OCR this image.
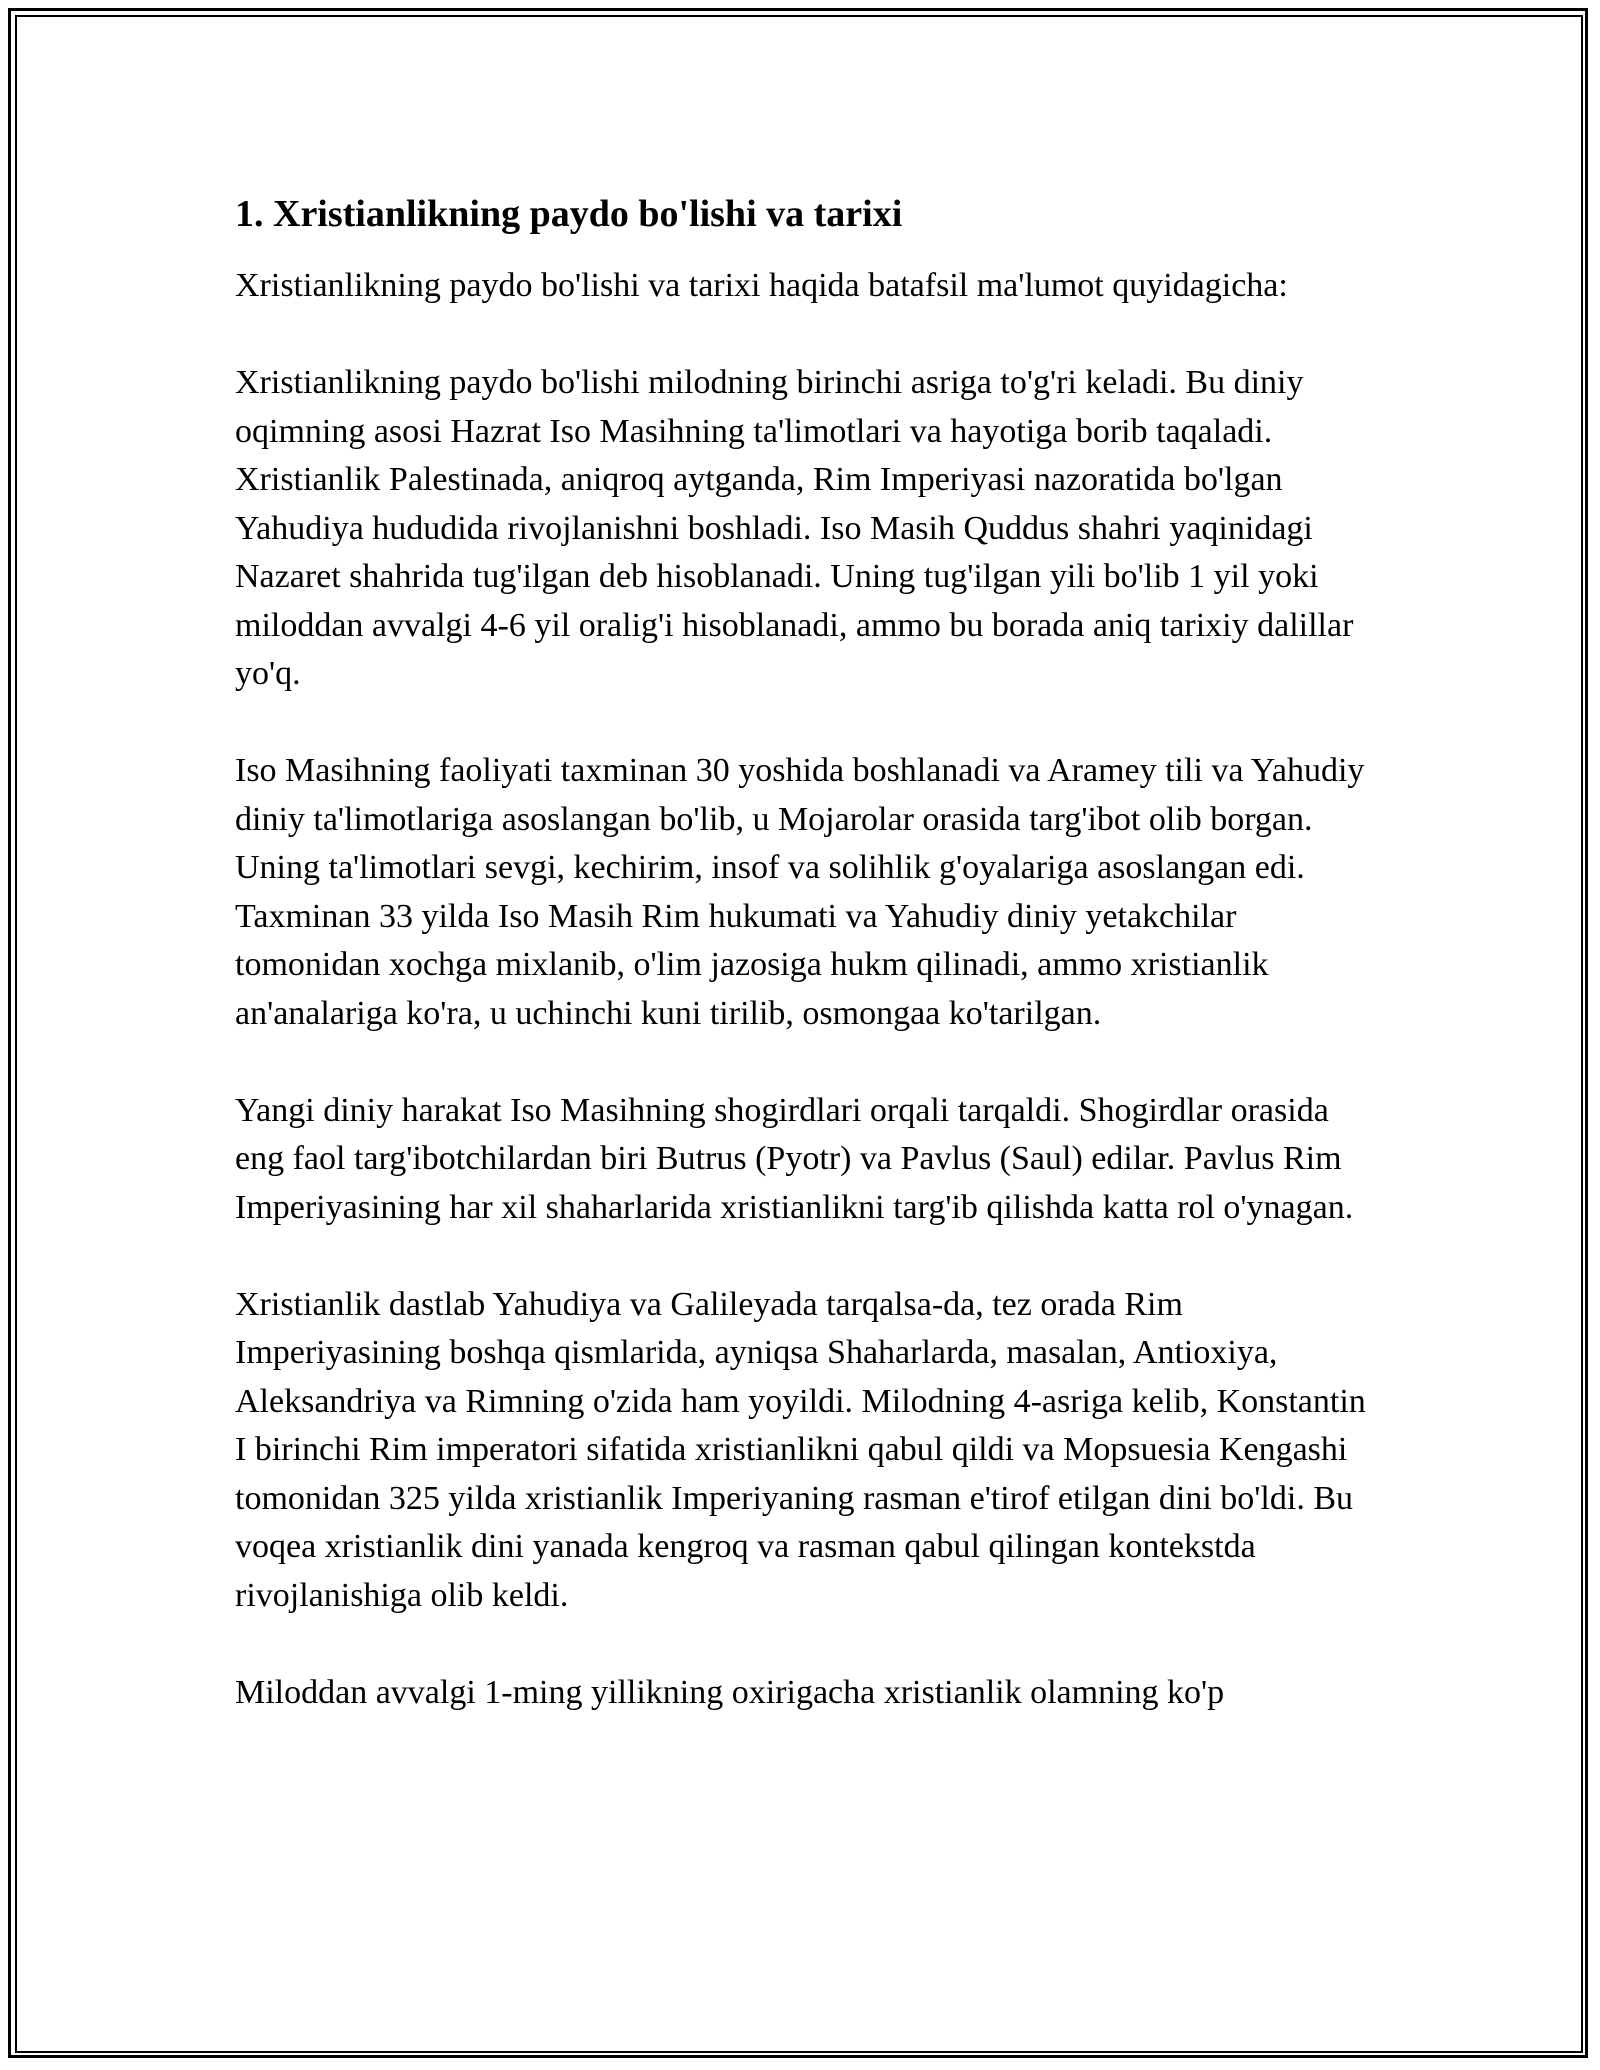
1. Xristianlikning paydo bo'lishi va tarixi

Xristianlikning paydo bo'lishi va tarixi haqida batafsil ma'lumot quyidagicha:

Xristianlikning paydo bo'lishi milodning birinchi asriga to'g'ri keladi. Bu diniy oqimning asosi Hazrat Iso Masihning ta'limotlari va hayotiga borib taqaladi. Xristianlik Palestinada, aniqroq aytganda, Rim Imperiyasi nazoratida bo'lgan Yahudiya hududida rivojlanishni boshladi. Iso Masih Quddus shahri yaqinidagi Nazaret shahrida tug'ilgan deb hisoblanadi. Uning tug'ilgan yili bo'lib 1 yil yoki miloddan avvalgi 4-6 yil oralig'i hisoblanadi, ammo bu borada aniq tarixiy dalillar yo'q.

Iso Masihning faoliyati taxminan 30 yoshida boshlanadi va Aramey tili va Yahudiy diniy ta'limotlariga asoslangan bo'lib, u Mojarolar orasida targ'ibot olib borgan. Uning ta'limotlari sevgi, kechirim, insof va solihlik g'oyalariga asoslangan edi. Taxminan 33 yilda Iso Masih Rim hukumati va Yahudiy diniy yetakchilar tomonidan xochga mixlanib, o'lim jazosiga hukm qilinadi, ammo xristianlik an'analariga ko'ra, u uchinchi kuni tirilib, osmongaa ko'tarilgan.

Yangi diniy harakat Iso Masihning shogirdlari orqali tarqaldi. Shogirdlar orasida eng faol targ'ibotchilardan biri Butrus (Pyotr) va Pavlus (Saul) edilar. Pavlus Rim Imperiyasining har xil shaharlarida xristianlikni targ'ib qilishda katta rol o'ynagan.

Xristianlik dastlab Yahudiya va Galileyada tarqalsa-da, tez orada Rim Imperiyasining boshqa qismlarida, ayniqsa Shaharlarda, masalan, Antioxiya, Aleksandriya va Rimning o'zida ham yoyildi. Milodning 4-asriga kelib, Konstantin I birinchi Rim imperatori sifatida xristianlikni qabul qildi va Mopsuesia Kengashi tomonidan 325 yilda xristianlik Imperiyaning rasman e'tirof etilgan dini bo'ldi. Bu voqea xristianlik dini yanada kengroq va rasman qabul qilingan kontekstda rivojlanishiga olib keldi.

Miloddan avvalgi 1-ming yillikning oxirigacha xristianlik olamning ko'p
